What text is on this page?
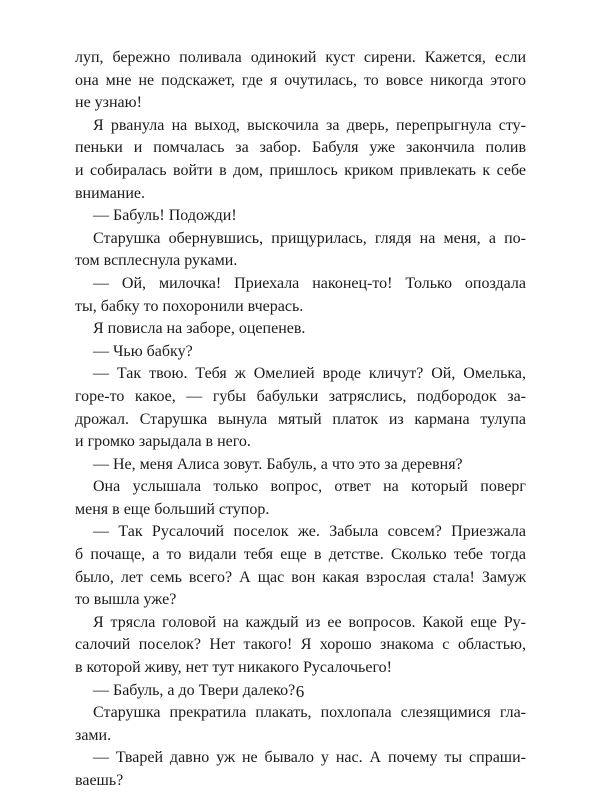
луп, бережно поливала одинокий куст сирени. Кажется, если
она мне не подскажет, где я очутилась, то вовсе никогда этого
не узнаю!
Я рванула на выход, выскочила за дверь, перепрыгнула сту-
пеньки и помчалась за забор. Бабуля уже закончила полив
и собиралась войти в дом, пришлось криком привлекать к себе
внимание.
— Бабуль! Подожди!
Старушка обернувшись, прищурилась, глядя на меня, а по-
том всплеснула руками.
— Ой, милочка! Приехала наконец-то! Только опоздала
ты, бабку то похоронили вчерась.
Я повисла на заборе, оцепенев.
— Чью бабку?
— Так твою. Тебя ж Омелией вроде кличут? Ой, Омелька,
горе-то какое, — губы бабульки затряслись, подбородок за-
дрожал. Старушка вынула мятый платок из кармана тулупа
и громко зарыдала в него.
— Не, меня Алиса зовут. Бабуль, а что это за деревня?
Она услышала только вопрос, ответ на который поверг
меня в еще больший ступор.
— Так Русалочий поселок же. Забыла совсем? Приезжала
б почаще, а то видали тебя еще в детстве. Сколько тебе тогда
было, лет семь всего? А щас вон какая взрослая стала! Замуж
то вышла уже?
Я трясла головой на каждый из ее вопросов. Какой еще Ру-
салочий поселок? Нет такого! Я хорошо знакома с областью,
в которой живу, нет тут никакого Русалочьего!
— Бабуль, а до Твери далеко?
Старушка прекратила плакать, похлопала слезящимися гла-
зами.
— Тварей давно уж не бывало у нас. А почему ты спраши-
ваешь?
6
